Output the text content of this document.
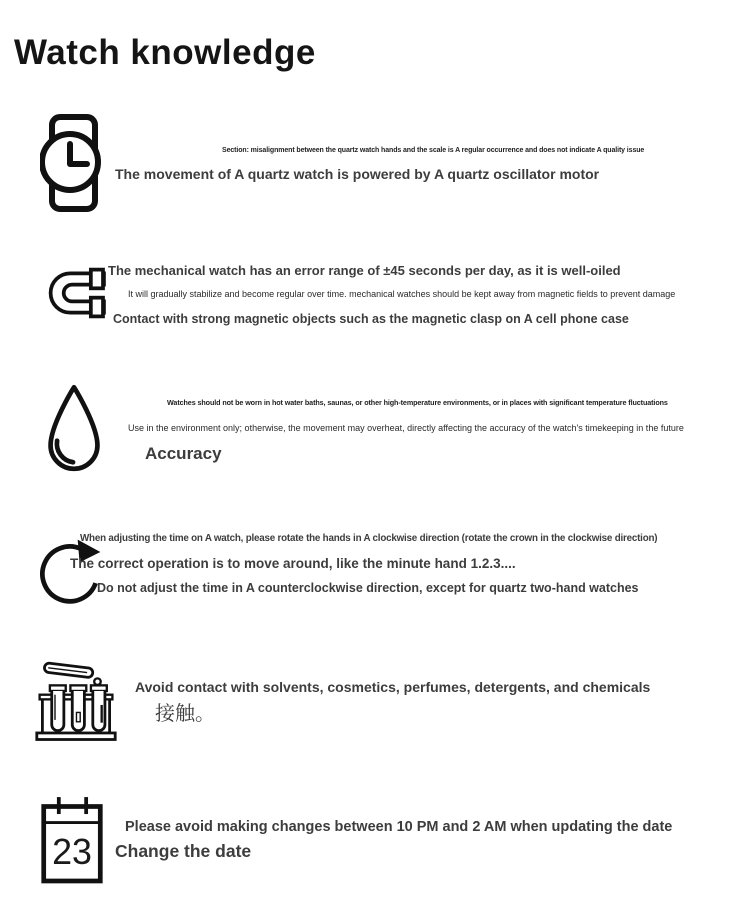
Watch knowledge
Section: misalignment between the quartz watch hands and the scale is A regular occurrence and does not indicate A quality issue
The movement of A quartz watch is powered by A quartz oscillator motor
The mechanical watch has an error range of ±45 seconds per day, as it is well-oiled
It will gradually stabilize and become regular over time. mechanical watches should be kept away from magnetic fields to prevent damage
Contact with strong magnetic objects such as the magnetic clasp on A cell phone case
Watches should not be worn in hot water baths, saunas, or other high-temperature environments, or in places with significant temperature fluctuations
Use in the environment only; otherwise, the movement may overheat, directly affecting the accuracy of the watch's timekeeping in the future
Accuracy
When adjusting the time on A watch, please rotate the hands in A clockwise direction (rotate the crown in the clockwise direction)
The correct operation is to move around, like the minute hand 1.2.3....
Do not adjust the time in A counterclockwise direction, except for quartz two-hand watches
Avoid contact with solvents, cosmetics, perfumes, detergents, and chemicals
接触。
23
Please avoid making changes between 10 PM and 2 AM when updating the date
Change the date
